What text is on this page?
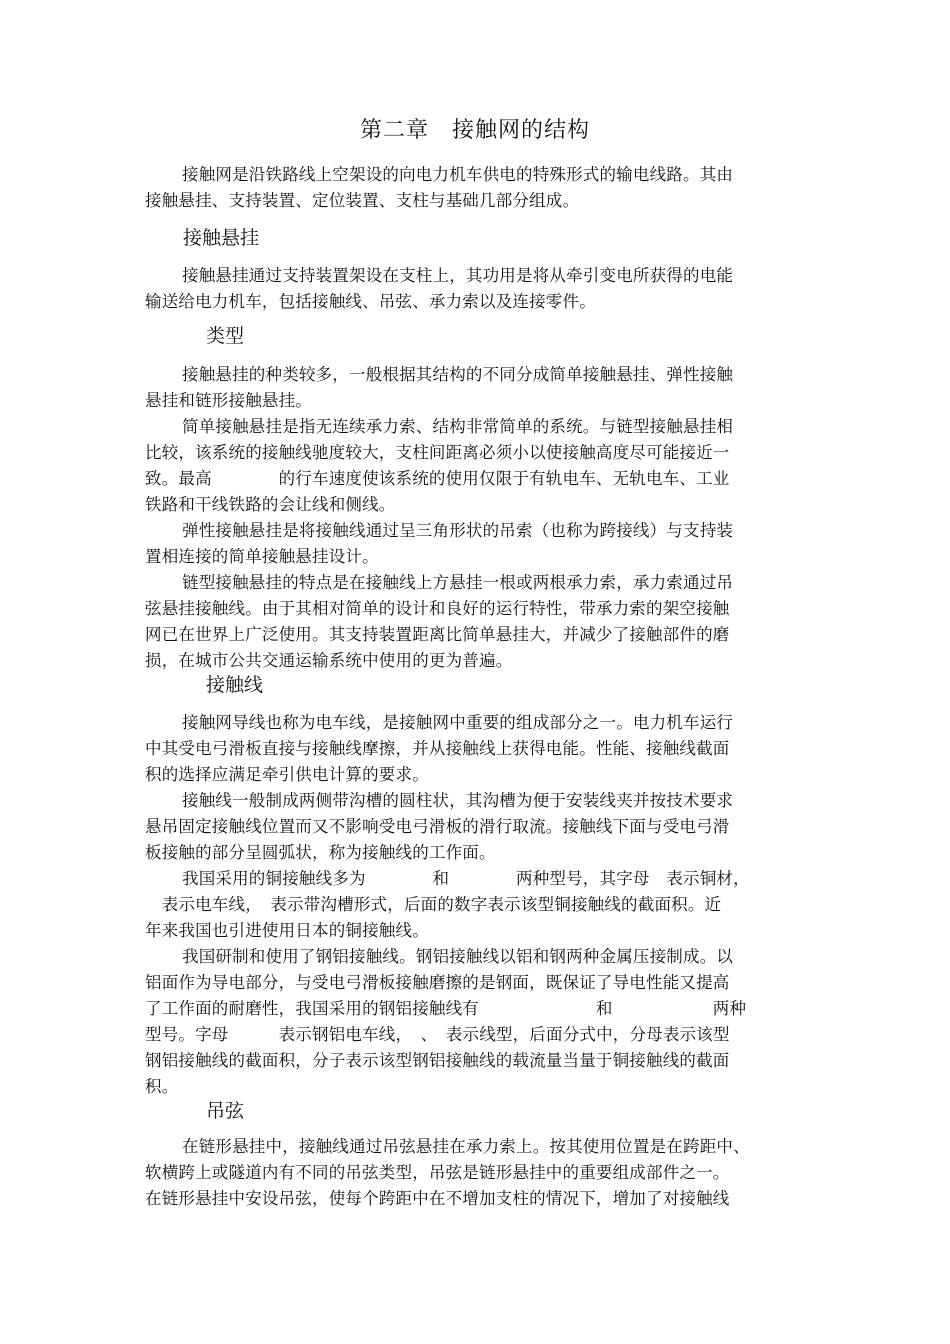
第二章　接触网的结构
接触网是沿铁路线上空架设的向电力机车供电的特殊形式的输电线路。其由
接触悬挂、支持装置、定位装置、支柱与基础几部分组成。
接触悬挂
接触悬挂通过支持装置架设在支柱上，其功用是将从牵引变电所获得的电能
输送给电力机车，包括接触线、吊弦、承力索以及连接零件。
类型
接触悬挂的种类较多，一般根据其结构的不同分成简单接触悬挂、弹性接触
悬挂和链形接触悬挂。
简单接触悬挂是指无连续承力索、结构非常简单的系统。与链型接触悬挂相
比较，该系统的接触线驰度较大，支柱间距离必须小以使接触高度尽可能接近一
致。最高　　　　的行车速度使该系统的使用仅限于有轨电车、无轨电车、工业
铁路和干线铁路的会让线和侧线。
弹性接触悬挂是将接触线通过呈三角形状的吊索（也称为跨接线）与支持装
置相连接的简单接触悬挂设计。
链型接触悬挂的特点是在接触线上方悬挂一根或两根承力索，承力索通过吊
弦悬挂接触线。由于其相对简单的设计和良好的运行特性，带承力索的架空接触
网已在世界上广泛使用。其支持装置距离比简单悬挂大，并减少了接触部件的磨
损，在城市公共交通运输系统中使用的更为普遍。
接触线
接触网导线也称为电车线，是接触网中重要的组成部分之一。电力机车运行
中其受电弓滑板直接与接触线摩擦，并从接触线上获得电能。性能、接触线截面
积的选择应满足牵引供电计算的要求。
接触线一般制成两侧带沟槽的圆柱状，其沟槽为便于安装线夹并按技术要求
悬吊固定接触线位置而又不影响受电弓滑板的滑行取流。接触线下面与受电弓滑
板接触的部分呈圆弧状，称为接触线的工作面。
我国采用的铜接触线多为　　　　和　　　　两种型号，其字母　表示铜材，
　表示电车线，　表示带沟槽形式，后面的数字表示该型铜接触线的截面积。近
年来我国也引进使用日本的铜接触线。
我国研制和使用了钢铝接触线。钢铝接触线以铝和钢两种金属压接制成。以
铝面作为导电部分，与受电弓滑板接触磨擦的是钢面，既保证了导电性能又提高
了工作面的耐磨性，我国采用的钢铝接触线有　　　　　　　和　　　　　　两种
型号。字母　　　表示钢铝电车线，　、　表示线型，后面分式中，分母表示该型
钢铝接触线的截面积，分子表示该型钢铝接触线的载流量当量于铜接触线的截面
积。
吊弦
在链形悬挂中，接触线通过吊弦悬挂在承力索上。按其使用位置是在跨距中、
软横跨上或隧道内有不同的吊弦类型，吊弦是链形悬挂中的重要组成部件之一。
在链形悬挂中安设吊弦，使每个跨距中在不增加支柱的情况下，增加了对接触线
